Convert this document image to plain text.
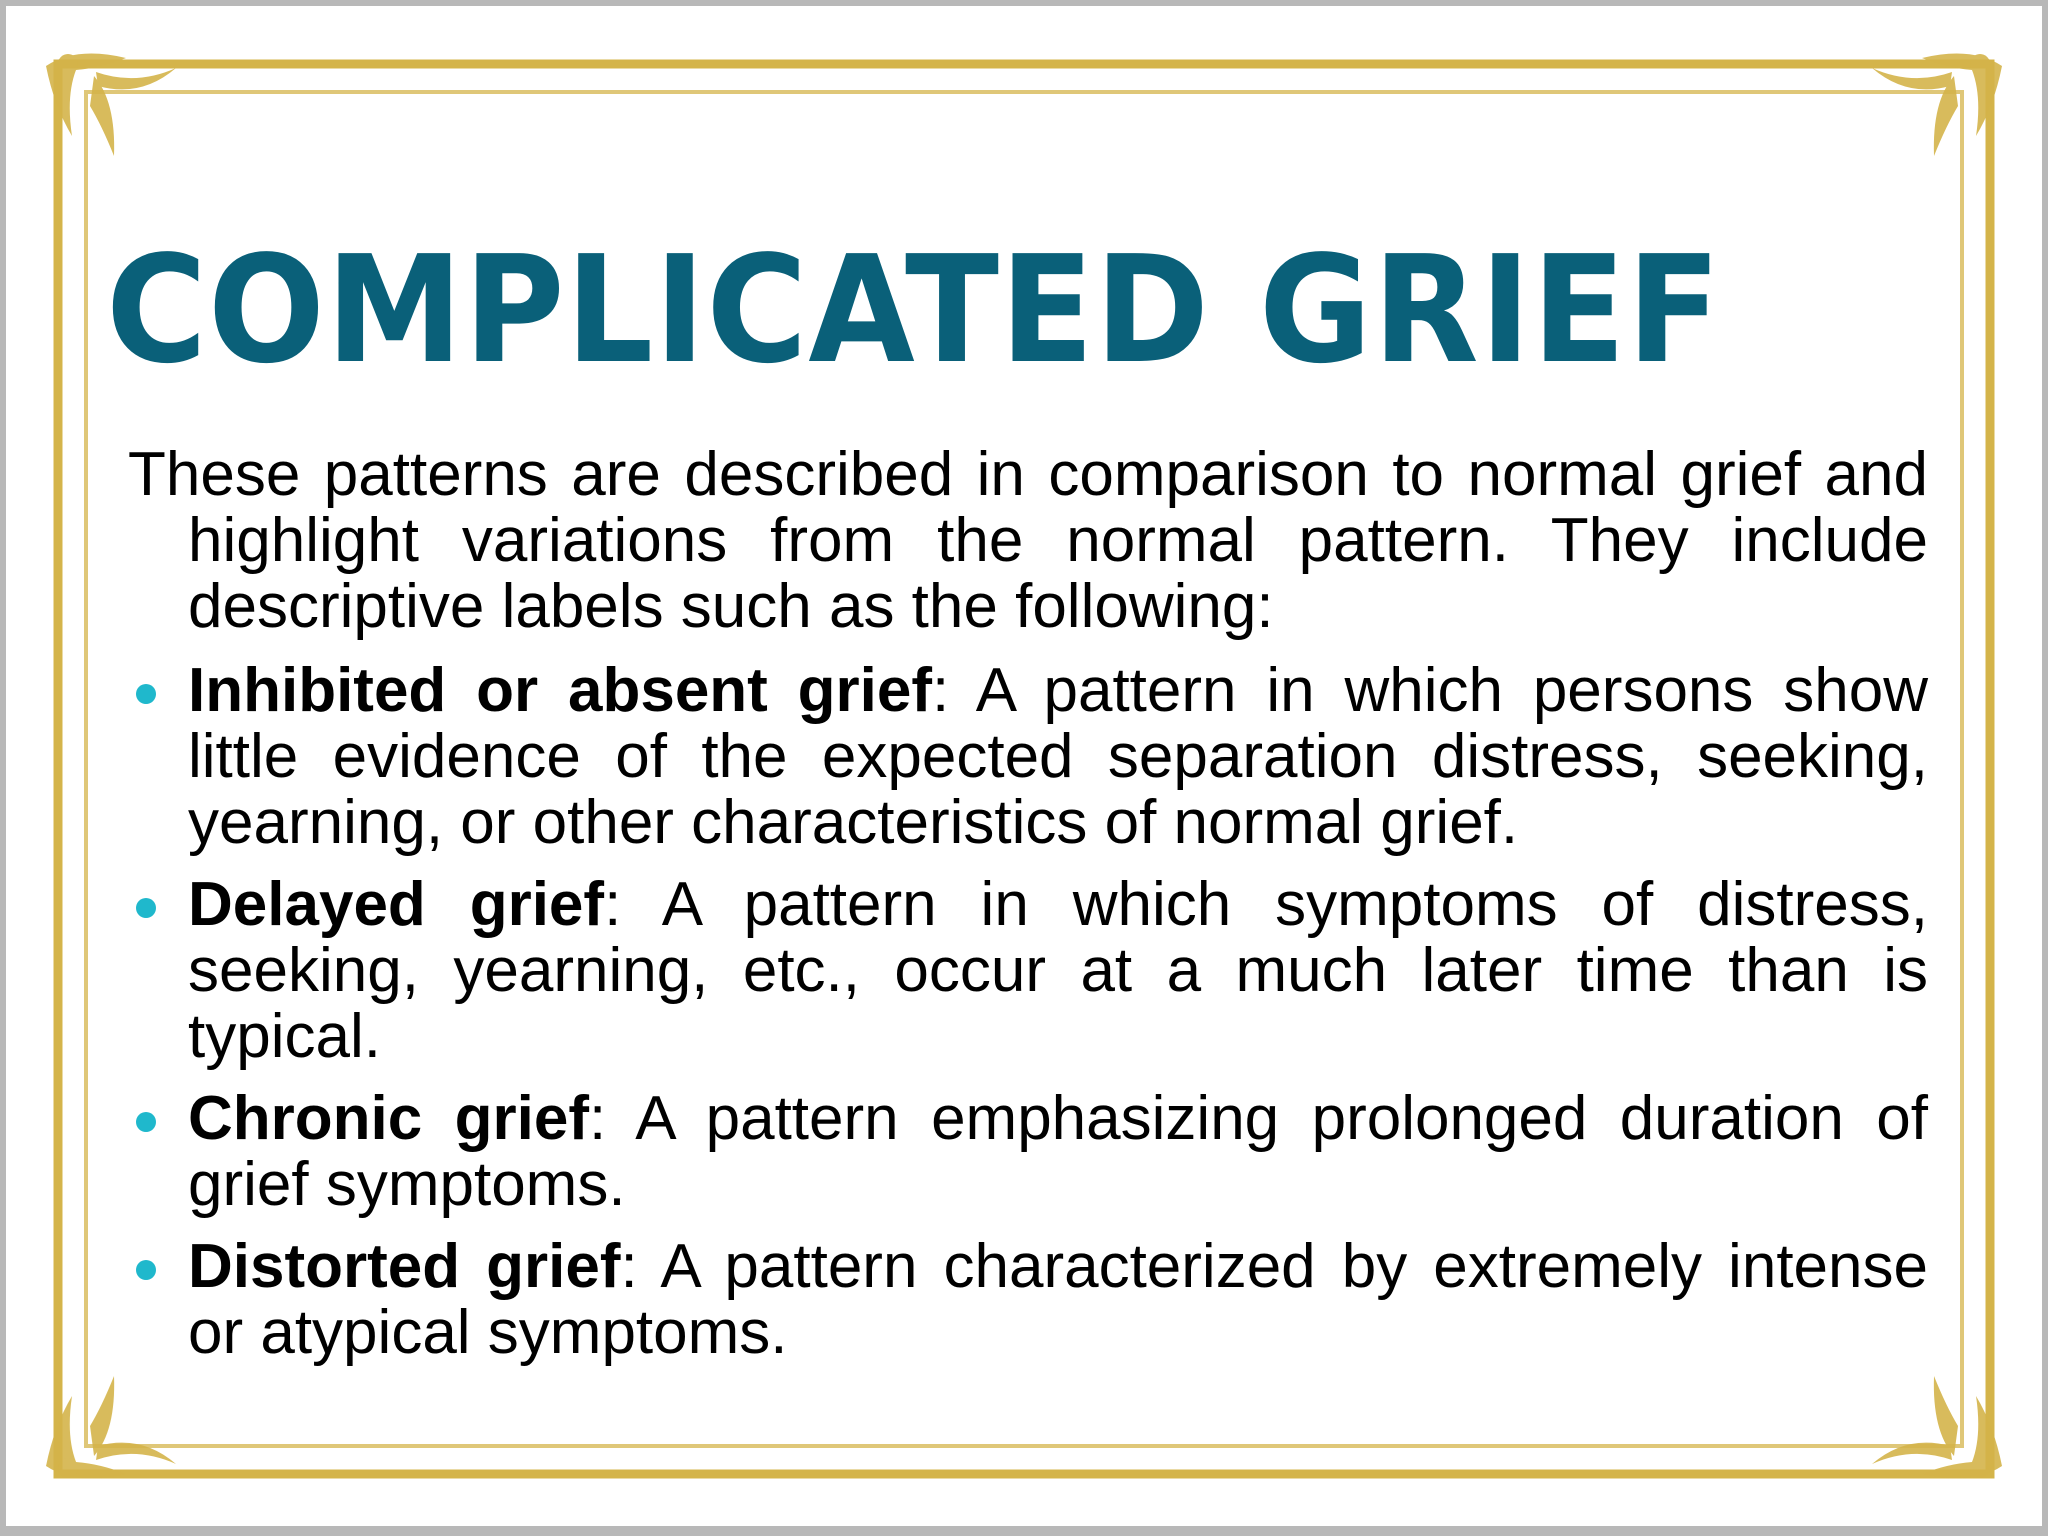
COMPLICATED GRIEF

These patterns are described in comparison to normal grief and highlight variations from the normal pattern. They include descriptive labels such as the following:

Inhibited or absent grief: A pattern in which persons show little evidence of the expected separation distress, seeking, yearning, or other characteristics of normal grief.
Delayed grief: A pattern in which symptoms of distress, seeking, yearning, etc., occur at a much later time than is typical.
Chronic grief: A pattern emphasizing prolonged duration of grief symptoms.
Distorted grief: A pattern characterized by extremely intense or atypical symptoms.
